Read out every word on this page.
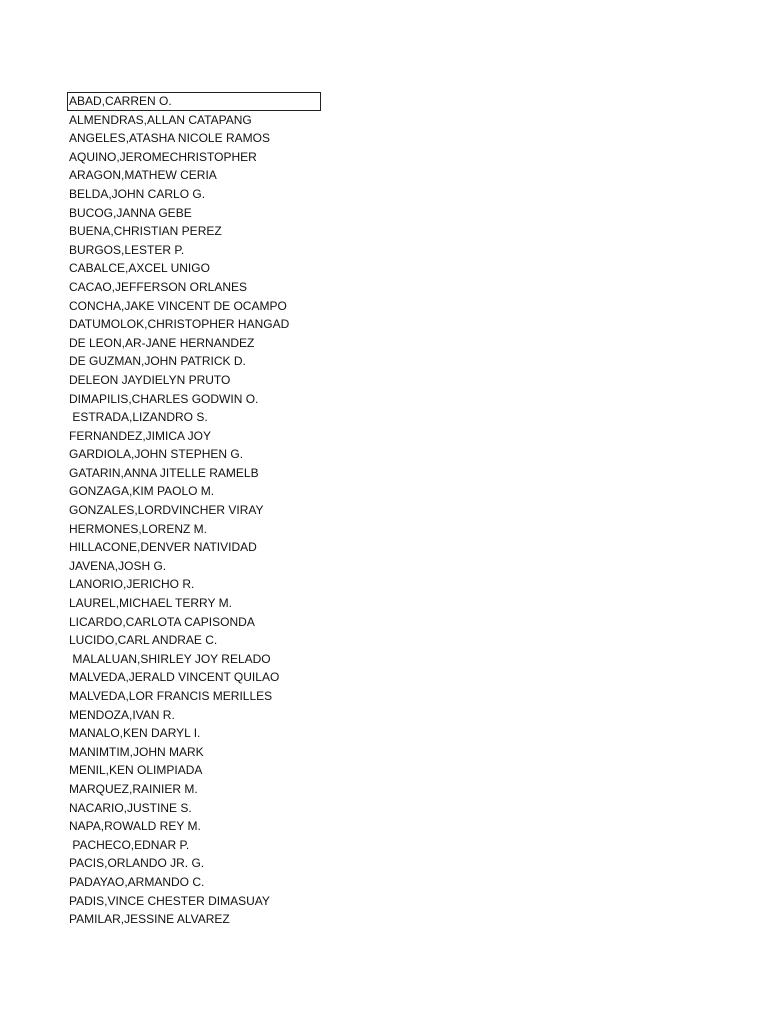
ABAD,CARREN O.
ALMENDRAS,ALLAN CATAPANG
ANGELES,ATASHA NICOLE RAMOS
AQUINO,JEROMECHRISTOPHER
ARAGON,MATHEW CERIA
BELDA,JOHN CARLO G.
BUCOG,JANNA GEBE
BUENA,CHRISTIAN PEREZ
BURGOS,LESTER P.
CABALCE,AXCEL UNIGO
CACAO,JEFFERSON ORLANES
CONCHA,JAKE VINCENT DE OCAMPO
DATUMOLOK,CHRISTOPHER HANGAD
DE LEON,AR-JANE HERNANDEZ
DE GUZMAN,JOHN PATRICK D.
DELEON JAYDIELYN PRUTO
DIMAPILIS,CHARLES GODWIN O.
ESTRADA,LIZANDRO S.
FERNANDEZ,JIMICA JOY
GARDIOLA,JOHN STEPHEN G.
GATARIN,ANNA JITELLE RAMELB
GONZAGA,KIM PAOLO M.
GONZALES,LORDVINCHER VIRAY
HERMONES,LORENZ M.
HILLACONE,DENVER NATIVIDAD
JAVENA,JOSH G.
LANORIO,JERICHO R.
LAUREL,MICHAEL TERRY M.
LICARDO,CARLOTA CAPISONDA
LUCIDO,CARL ANDRAE C.
MALALUAN,SHIRLEY JOY RELADO
MALVEDA,JERALD VINCENT QUILAO
MALVEDA,LOR FRANCIS MERILLES
MENDOZA,IVAN R.
MANALO,KEN DARYL I.
MANIMTIM,JOHN MARK
MENIL,KEN OLIMPIADA
MARQUEZ,RAINIER M.
NACARIO,JUSTINE S.
NAPA,ROWALD REY M.
PACHECO,EDNAR P.
PACIS,ORLANDO JR. G.
PADAYAO,ARMANDO C.
PADIS,VINCE CHESTER DIMASUAY
PAMILAR,JESSINE ALVAREZ
